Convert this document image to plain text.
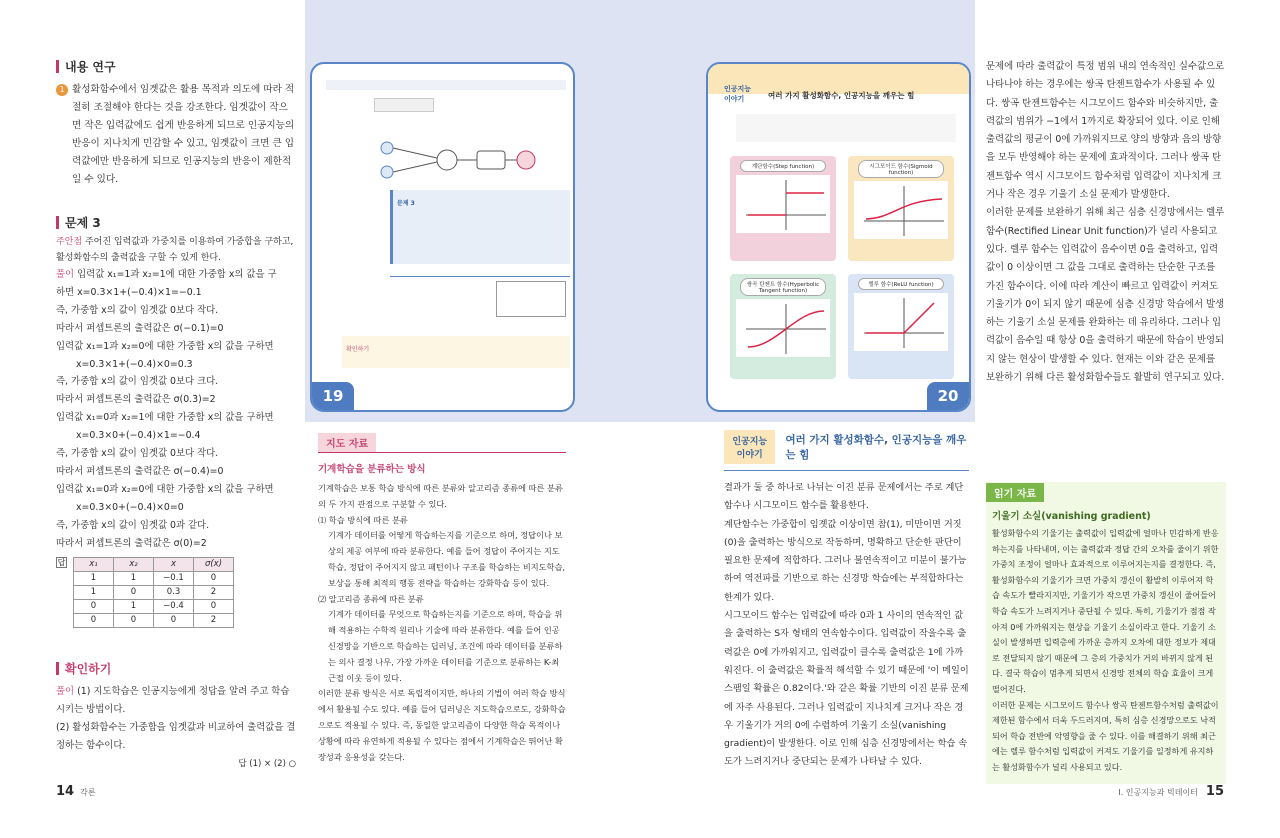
내용 연구
1 활성화함수에서 임곗값은 활용 목적과 의도에 따라 적절히 조절해야 한다는 것을 강조한다. 임곗값이 작으면 작은 입력값에도 쉽게 반응하게 되므로 인공지능의 반응이 지나치게 민감할 수 있고, 임곗값이 크면 큰 입력값에만 반응하게 되므로 인공지능의 반응이 제한적일 수 있다.

문제 3

주안점 주어진 입력값과 가중치를 이용하여 가중합을 구하고, 활성화함수의 출력값을 구할 수 있게 한다.

풀이 입력값 x₁=1과 x₂=1에 대한 가중합 x의 값을 구
하면 x=0.3×1+(−0.4)×1=−0.1
즉, 가중합 x의 값이 임곗값 0보다 작다.
따라서 퍼셉트론의 출력값은 σ(−0.1)=0
입력값 x₁=1과 x₂=0에 대한 가중합 x의 값을 구하면
x=0.3×1+(−0.4)×0=0.3
즉, 가중합 x의 값이 임곗값 0보다 크다.
따라서 퍼셉트론의 출력값은 σ(0.3)=2
입력값 x₁=0과 x₂=1에 대한 가중합 x의 값을 구하면
x=0.3×0+(−0.4)×1=−0.4
즉, 가중합 x의 값이 임곗값 0보다 작다.
따라서 퍼셉트론의 출력값은 σ(−0.4)=0
입력값 x₁=0과 x₂=0에 대한 가중합 x의 값을 구하면
x=0.3×0+(−0.4)×0=0
즉, 가중합 x의 값이 임곗값 0과 같다.
따라서 퍼셉트론의 출력값은 σ(0)=2
답	x₁	x₂	x	σ(x)
1	1	−0.1	0
1	0	0.3	2
0	1	−0.4	0
0	0	0	2
확인하기
풀이 (1) 지도학습은 인공지능에게 정답을 알려 주고 학습시키는 방법이다.
(2) 활성화함수는 가중합을 임곗값과 비교하여 출력값을 결정하는 함수이다.
답 (1) × (2) ○
14 각론
문제 3
확인하기
19
인공지능 이야기	여러 가지 활성화함수, 인공지능을 깨우는 힘
계단함수(Step function)	시그모이드 함수(Sigmoid function)
쌍곡 탄젠트 함수(Hyperbolic Tangent function)
렐루 함수(ReLU function)
20
지도 자료
기계학습을 분류하는 방식

기계학습은 보통 학습 방식에 따른 분류와 알고리즘 종류에 따른 분류의 두 가지 관점으로 구분할 수 있다.

⑴ 학습 방식에 따른 분류

기계가 데이터를 어떻게 학습하는지를 기준으로 하며, 정답이나 보상의 제공 여부에 따라 분류한다. 예를 들어 정답이 주어지는 지도학습, 정답이 주어지지 않고 패턴이나 구조를 학습하는 비지도학습, 보상을 통해 최적의 행동 전략을 학습하는 강화학습 등이 있다.

⑵ 알고리즘 종류에 따른 분류

기계가 데이터를 무엇으로 학습하는지를 기준으로 하며, 학습을 위해 적용하는 수학적 원리나 기술에 따라 분류한다. 예를 들어 인공신경망을 기반으로 학습하는 딥러닝, 조건에 따라 데이터를 분류하는 의사 결정 나무, 가장 가까운 데이터를 기준으로 분류하는 K-최근접 이웃 등이 있다.

이러한 분류 방식은 서로 독립적이지만, 하나의 기법이 여러 학습 방식에서 활용될 수도 있다. 예를 들어 딥러닝은 지도학습으로도, 강화학습으로도 적용될 수 있다. 즉, 동일한 알고리즘이 다양한 학습 목적이나 상황에 따라 유연하게 적용될 수 있다는 점에서 기계학습은 뛰어난 확장성과 응용성을 갖는다.

인공지능 이야기
여러 가지 활성화함수, 인공지능을 깨우는 힘

결과가 둘 중 하나로 나뉘는 이진 분류 문제에서는 주로 계단함수나 시그모이드 함수를 활용한다.

계단함수는 가중합이 임곗값 이상이면 참(1), 미만이면 거짓(0)을 출력하는 방식으로 작동하며, 명확하고 단순한 판단이 필요한 문제에 적합하다. 그러나 불연속적이고 미분이 불가능하여 역전파를 기반으로 하는 신경망 학습에는 부적합하다는 한계가 있다.

시그모이드 함수는 입력값에 따라 0과 1 사이의 연속적인 값을 출력하는 S자 형태의 연속함수이다. 입력값이 작을수록 출력값은 0에 가까워지고, 입력값이 클수록 출력값은 1에 가까워진다. 이 출력값은 확률적 해석할 수 있기 때문에 '이 메일이 스팸일 확률은 0.82이다.'와 같은 확률 기반의 이진 분류 문제에 자주 사용된다. 그러나 입력값이 지나치게 크거나 작은 경우 기울기가 거의 0에 수렴하여 기울기 소실(vanishing gradient)이 발생한다. 이로 인해 심층 신경망에서는 학습 속도가 느려지거나 중단되는 문제가 나타날 수 있다.

문제에 따라 출력값이 특정 범위 내의 연속적인 실수값으로 나타나야 하는 경우에는 쌍곡 탄젠트함수가 사용될 수 있다. 쌍곡 탄젠트함수는 시그모이드 함수와 비슷하지만, 출력값의 범위가 −1에서 1까지로 확장되어 있다. 이로 인해 출력값의 평균이 0에 가까워지므로 양의 방향과 음의 방향을 모두 반영해야 하는 문제에 효과적이다. 그러나 쌍곡 탄젠트함수 역시 시그모이드 함수처럼 입력값이 지나치게 크거나 작은 경우 기울기 소실 문제가 발생한다.

이러한 문제를 보완하기 위해 최근 심층 신경망에서는 렐루 함수(Rectified Linear Unit function)가 널리 사용되고 있다. 렐루 함수는 입력값이 음수이면 0을 출력하고, 입력값이 0 이상이면 그 값을 그대로 출력하는 단순한 구조를 가진 함수이다. 이에 따라 계산이 빠르고 입력값이 커져도 기울기가 0이 되지 않기 때문에 심층 신경망 학습에서 발생하는 기울기 소실 문제를 완화하는 데 유리하다. 그러나 입력값이 음수일 때 항상 0을 출력하기 때문에 학습이 반영되지 않는 현상이 발생할 수 있다. 현재는 이와 같은 문제를 보완하기 위해 다른 활성화함수들도 활발히 연구되고 있다.

읽기 자료
기울기 소실(vanishing gradient)

활성화함수의 기울기는 출력값이 입력값에 얼마나 민감하게 반응하는지를 나타내며, 이는 출력값과 정답 간의 오차를 줄이기 위한 가중치 조정이 얼마나 효과적으로 이루어지는지를 결정한다. 즉, 활성화함수의 기울기가 크면 가중치 갱신이 활발히 이루어져 학습 속도가 빨라지지만, 기울기가 작으면 가중치 갱신이 줄어들어 학습 속도가 느려지거나 중단될 수 있다. 특히, 기울기가 점점 작아져 0에 가까워지는 현상을 기울기 소실이라고 한다. 기울기 소실이 발생하면 입력층에 가까운 층까지 오차에 대한 정보가 제대로 전달되지 않기 때문에 그 층의 가중치가 거의 바뀌지 않게 된다. 결국 학습이 멈추게 되면서 신경망 전체의 학습 효율이 크게 떨어진다.

이러한 문제는 시그모이드 함수나 쌍곡 탄젠트함수처럼 출력값이 제한된 함수에서 더욱 두드러지며, 특히 심층 신경망으로도 낙적되어 학습 전반에 악영향을 줄 수 있다. 이를 해결하기 위해 최근에는 렐루 함수처럼 입력값이 커져도 기울기를 일정하게 유지하는 활성화함수가 널리 사용되고 있다.

I. 인공지능과 빅데이터 15
